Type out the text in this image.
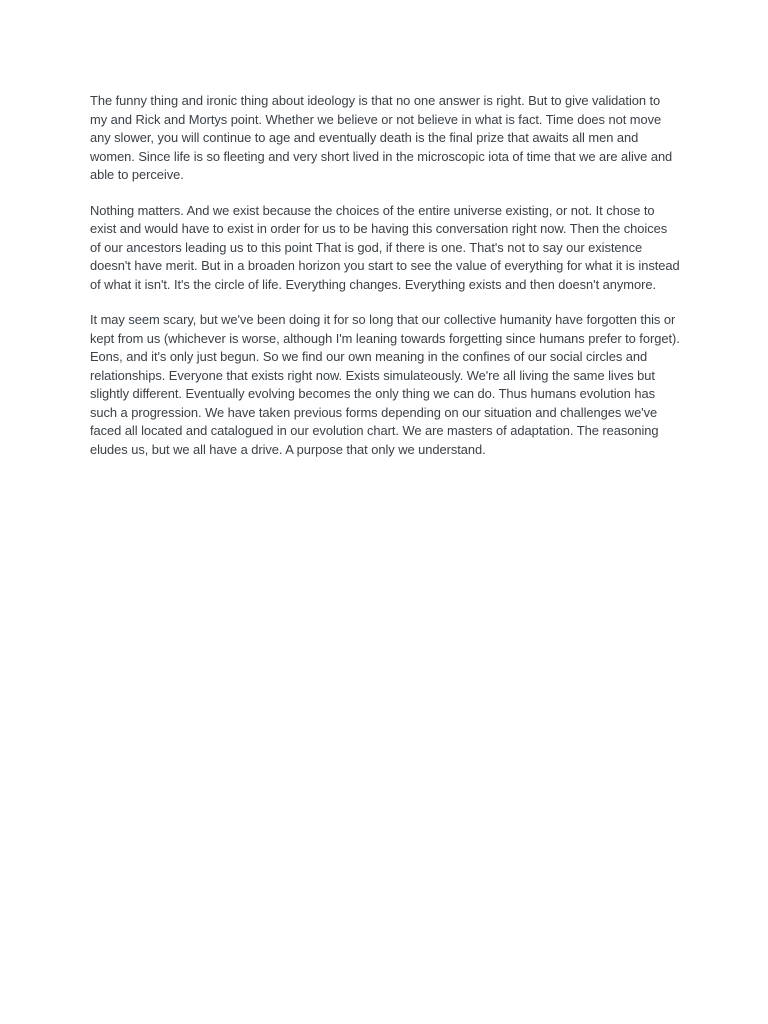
The funny thing and ironic thing about ideology is that no one answer is right. But to give validation to my and Rick and Mortys point. Whether we believe or not believe in what is fact. Time does not move any slower, you will continue to age and eventually death is the final prize that awaits all men and women. Since life is so fleeting and very short lived in the microscopic iota of time that we are alive and able to perceive.

Nothing matters. And we exist because the choices of the entire universe existing, or not. It chose to exist and would have to exist in order for us to be having this conversation right now. Then the choices of our ancestors leading us to this point That is god, if there is one. That's not to say our existence doesn't have merit. But in a broaden horizon you start to see the value of everything for what it is instead of what it isn't. It's the circle of life. Everything changes. Everything exists and then doesn't anymore.

It may seem scary, but we've been doing it for so long that our collective humanity have forgotten this or kept from us (whichever is worse, although I'm leaning towards forgetting since humans prefer to forget). Eons, and it's only just begun. So we find our own meaning in the confines of our social circles and relationships. Everyone that exists right now. Exists simulateously. We're all living the same lives but slightly different. Eventually evolving becomes the only thing we can do. Thus humans evolution has such a progression. We have taken previous forms depending on our situation and challenges we've faced all located and catalogued in our evolution chart. We are masters of adaptation. The reasoning eludes us, but we all have a drive. A purpose that only we understand.
